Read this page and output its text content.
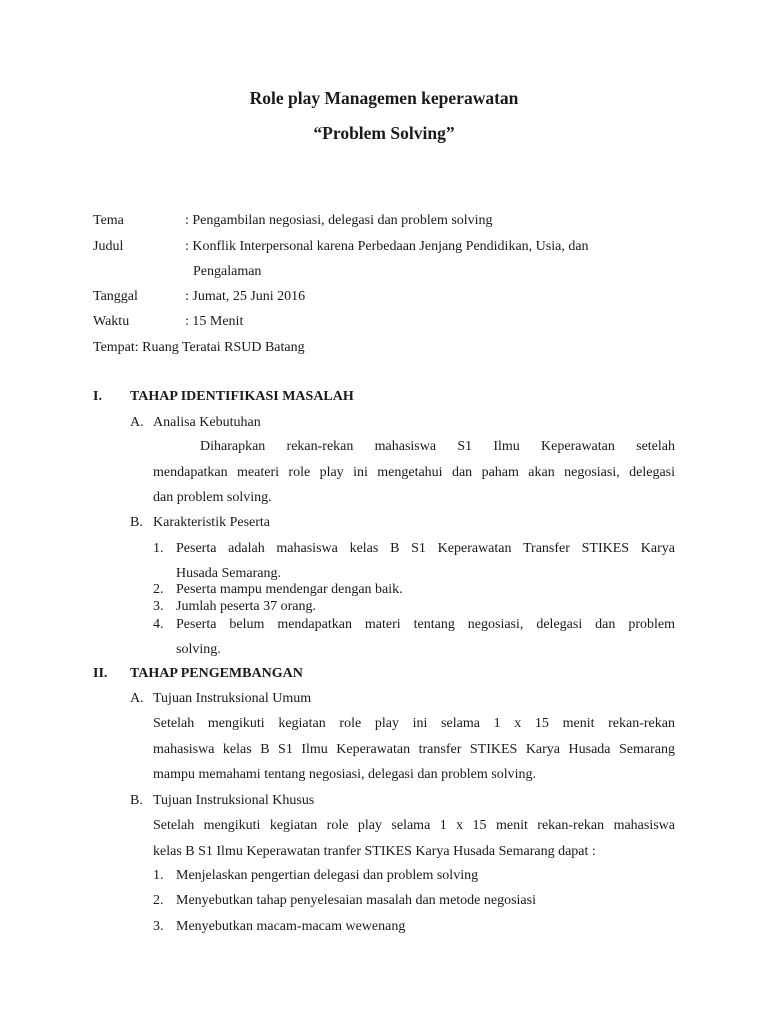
Role play Managemen keperawatan
“Problem Solving”
Tema	: Pengambilan negosiasi, delegasi dan problem solving
Judul	: Konflik Interpersonal karena Perbedaan Jenjang Pendidikan, Usia, dan
Pengalaman
Tanggal	: Jumat, 25 Juni 2016
Waktu	: 15 Menit
Tempat: Ruang Teratai RSUD Batang
I. TAHAP IDENTIFIKASI MASALAH
A. Analisa Kebutuhan
Diharapkan rekan-rekan mahasiswa S1 Ilmu Keperawatan setelah
mendapatkan meateri role play ini mengetahui dan paham akan negosiasi, delegasi
dan problem solving.
B. Karakteristik Peserta
1. Peserta adalah mahasiswa kelas B S1 Keperawatan Transfer STIKES Karya
Husada Semarang.
2. Peserta mampu mendengar dengan baik.
3. Jumlah peserta 37 orang.
4. Peserta belum mendapatkan materi tentang negosiasi, delegasi dan problem
solving.
II. TAHAP PENGEMBANGAN
A. Tujuan Instruksional Umum
Setelah mengikuti kegiatan role play ini selama 1 x 15 menit rekan-rekan
mahasiswa kelas B S1 Ilmu Keperawatan transfer STIKES Karya Husada Semarang
mampu memahami tentang negosiasi, delegasi dan problem solving.
B. Tujuan Instruksional Khusus
Setelah mengikuti kegiatan role play selama 1 x 15 menit rekan-rekan mahasiswa
kelas B S1 Ilmu Keperawatan tranfer STIKES Karya Husada Semarang dapat :
1. Menjelaskan pengertian delegasi dan problem solving
2. Menyebutkan tahap penyelesaian masalah dan metode negosiasi
3. Menyebutkan macam-macam wewenang
